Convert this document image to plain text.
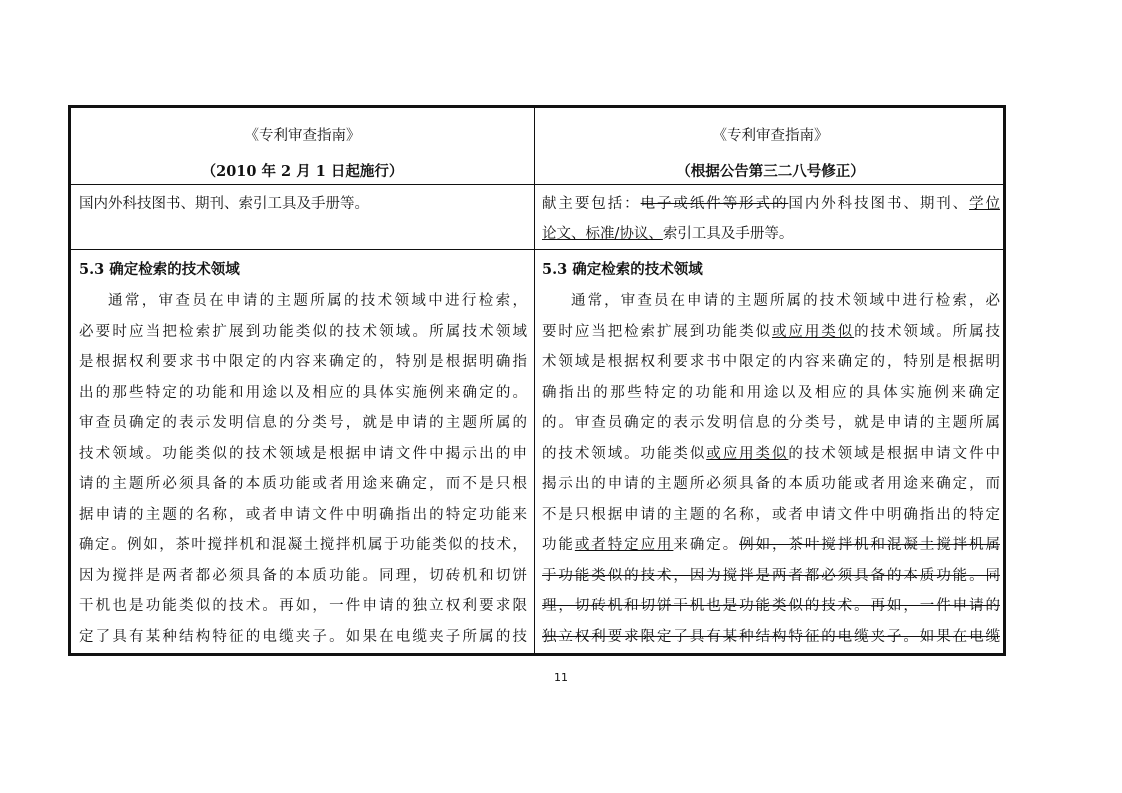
《专利审查指南》
（2010 年 2 月 1 日起施行）
《专利审查指南》
（根据公告第三二八号修正）
国内外科技图书、期刊、索引工具及手册等。	献主要包括：电子或纸件等形式的国内外科技图书、期刊、学位
论文、标准/协议、索引工具及手册等。
5.3 确定检索的技术领域
通常，审查员在申请的主题所属的技术领域中进行检索，
必要时应当把检索扩展到功能类似的技术领域。所属技术领域
是根据权利要求书中限定的内容来确定的，特别是根据明确指
出的那些特定的功能和用途以及相应的具体实施例来确定的。
审查员确定的表示发明信息的分类号，就是申请的主题所属的
技术领域。功能类似的技术领域是根据申请文件中揭示出的申
请的主题所必须具备的本质功能或者用途来确定，而不是只根
据申请的主题的名称，或者申请文件中明确指出的特定功能来
确定。例如，茶叶搅拌机和混凝土搅拌机属于功能类似的技术，
因为搅拌是两者都必须具备的本质功能。同理，切砖机和切饼
干机也是功能类似的技术。再如，一件申请的独立权利要求限
定了具有某种结构特征的电缆夹子。如果在电缆夹子所属的技
5.3 确定检索的技术领域
通常，审查员在申请的主题所属的技术领域中进行检索，必
要时应当把检索扩展到功能类似或应用类似的技术领域。所属技
术领域是根据权利要求书中限定的内容来确定的，特别是根据明
确指出的那些特定的功能和用途以及相应的具体实施例来确定
的。审查员确定的表示发明信息的分类号，就是申请的主题所属
的技术领域。功能类似或应用类似的技术领域是根据申请文件中
揭示出的申请的主题所必须具备的本质功能或者用途来确定，而
不是只根据申请的主题的名称，或者申请文件中明确指出的特定
功能或者特定应用来确定。例如，茶叶搅拌机和混凝土搅拌机属
于功能类似的技术，因为搅拌是两者都必须具备的本质功能。同
理，切砖机和切饼干机也是功能类似的技术。再如，一件申请的
独立权利要求限定了具有某种结构特征的电缆夹子。如果在电缆
11
